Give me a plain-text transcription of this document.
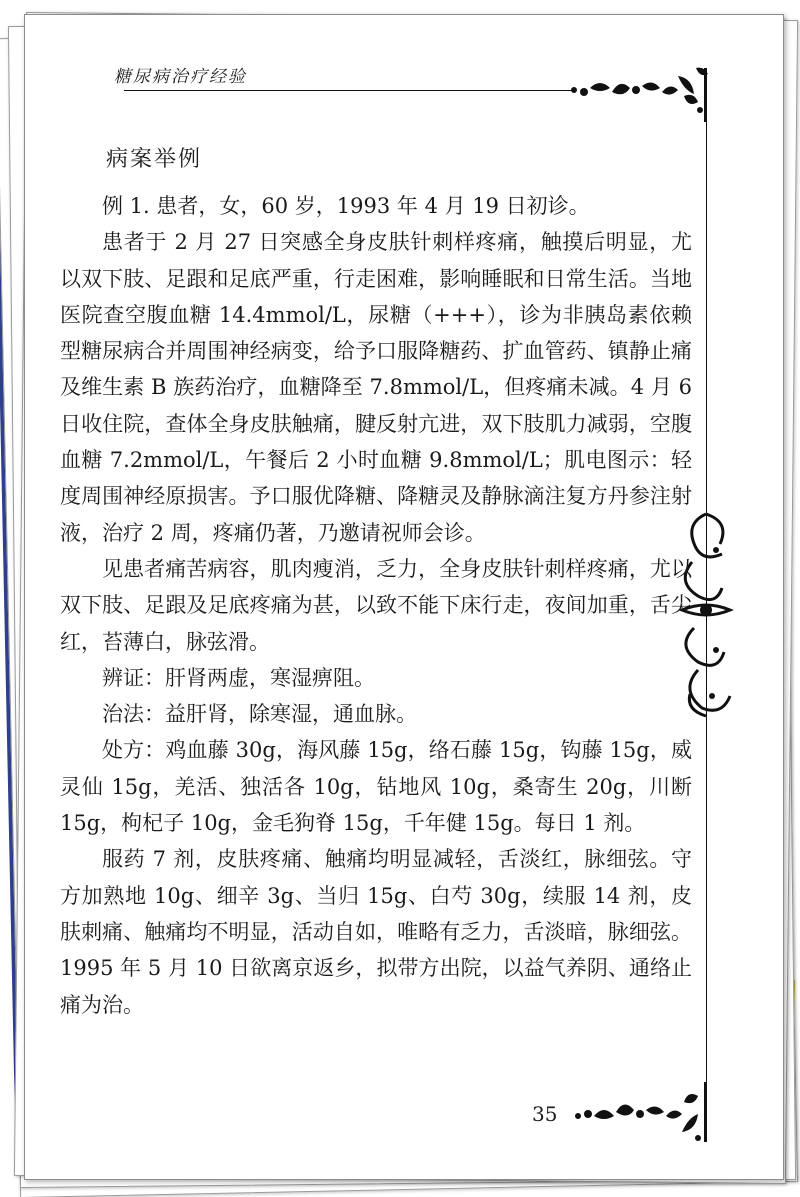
糖尿病治疗经验
病案举例

例 1. 患者，女，60 岁，1993 年 4 月 19 日初诊。

患者于 2 月 27 日突感全身皮肤针刺样疼痛，触摸后明显，尤以双下肢、足跟和足底严重，行走困难，影响睡眠和日常生活。当地医院查空腹血糖 14.4mmol/L，尿糖（+++），诊为非胰岛素依赖型糖尿病合并周围神经病变，给予口服降糖药、扩血管药、镇静止痛及维生素 B 族药治疗，血糖降至 7.8mmol/L，但疼痛未减。4 月 6 日收住院，查体全身皮肤触痛，腱反射亢进，双下肢肌力减弱，空腹血糖 7.2mmol/L，午餐后 2 小时血糖 9.8mmol/L；肌电图示：轻度周围神经原损害。予口服优降糖、降糖灵及静脉滴注复方丹参注射液，治疗 2 周，疼痛仍著，乃邀请祝师会诊。

见患者痛苦病容，肌肉瘦消，乏力，全身皮肤针刺样疼痛，尤以双下肢、足跟及足底疼痛为甚，以致不能下床行走，夜间加重，舌尖红，苔薄白，脉弦滑。

辨证：肝肾两虚，寒湿痹阻。

治法：益肝肾，除寒湿，通血脉。

处方：鸡血藤 30g，海风藤 15g，络石藤 15g，钩藤 15g，威灵仙 15g，羌活、独活各 10g，钻地风 10g，桑寄生 20g，川断 15g，枸杞子 10g，金毛狗脊 15g，千年健 15g。每日 1 剂。

服药 7 剂，皮肤疼痛、触痛均明显减轻，舌淡红，脉细弦。守方加熟地 10g、细辛 3g、当归 15g、白芍 30g，续服 14 剂，皮肤刺痛、触痛均不明显，活动自如，唯略有乏力，舌淡暗，脉细弦。1995 年 5 月 10 日欲离京返乡，拟带方出院，以益气养阴、通络止痛为治。

35
